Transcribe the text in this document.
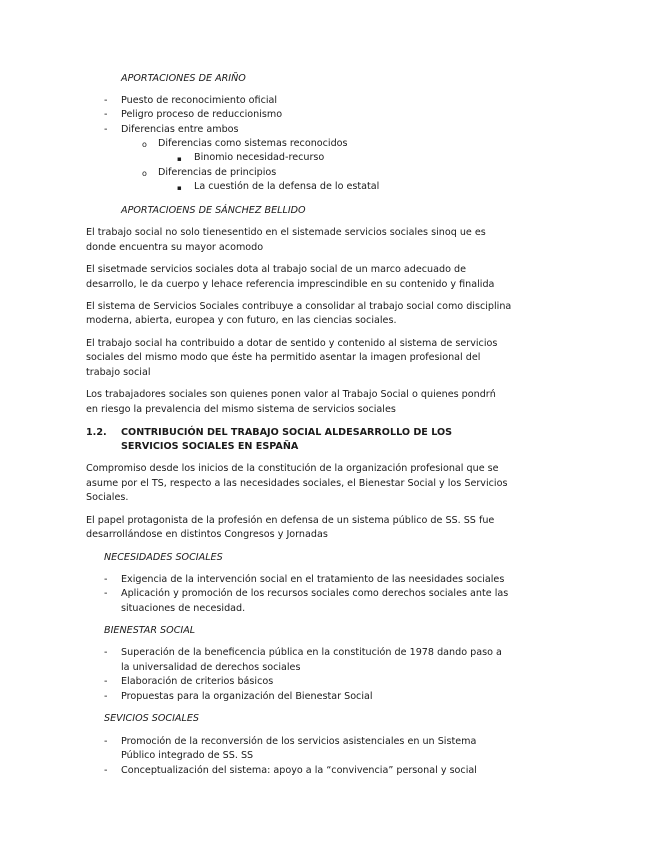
APORTACIONES DE ARIÑO
-	Puesto de reconocimiento oficial
-	Peligro proceso de reduccionismo
-	Diferencias entre ambos
o	Diferencias como sistemas reconocidos
▪	Binomio necesidad-recurso
o	Diferencias de principios
▪	La cuestión de la defensa de lo estatal
APORTACIOENS DE SÁNCHEZ BELLIDO
El trabajo social no solo tienesentido en el sistemade servicios sociales sinoq ue es
donde encuentra su mayor acomodo
El sisetmade servicios sociales dota al trabajo social de un marco adecuado de
desarrollo, le da cuerpo y lehace referencia imprescindible en su contenido y finalida
El sistema de Servicios Sociales contribuye a consolidar al trabajo social como disciplina
moderna, abierta, europea y con futuro, en las ciencias sociales.
El trabajo social ha contribuido a dotar de sentido y contenido al sistema de servicios
sociales del mismo modo que éste ha permitido asentar la imagen profesional del
trabajo social
Los trabajadores sociales son quienes ponen valor al Trabajo Social o quienes pondrń
en riesgo la prevalencia del mismo sistema de servicios sociales
1.2. CONTRIBUCIÓN DEL TRABAJO SOCIAL ALDESARROLLO DE LOS
SERVICIOS SOCIALES EN ESPAÑA
Compromiso desde los inicios de la constitución de la organización profesional que se
asume por el TS, respecto a las necesidades sociales, el Bienestar Social y los Servicios
Sociales.
El papel protagonista de la profesión en defensa de un sistema público de SS. SS fue
desarrollándose en distintos Congresos y Jornadas
NECESIDADES SOCIALES
-	Exigencia de la intervención social en el tratamiento de las neesidades sociales
-	Aplicación y promoción de los recursos sociales como derechos sociales ante las
situaciones de necesidad.
BIENESTAR SOCIAL
-	Superación de la beneficencia pública en la constitución de 1978 dando paso a
la universalidad de derechos sociales
-	Elaboración de criterios básicos
-	Propuestas para la organización del Bienestar Social
SEVICIOS SOCIALES
-	Promoción de la reconversión de los servicios asistenciales en un Sistema
Público integrado de SS. SS
-	Conceptualización del sistema: apoyo a la “convivencia” personal y social
